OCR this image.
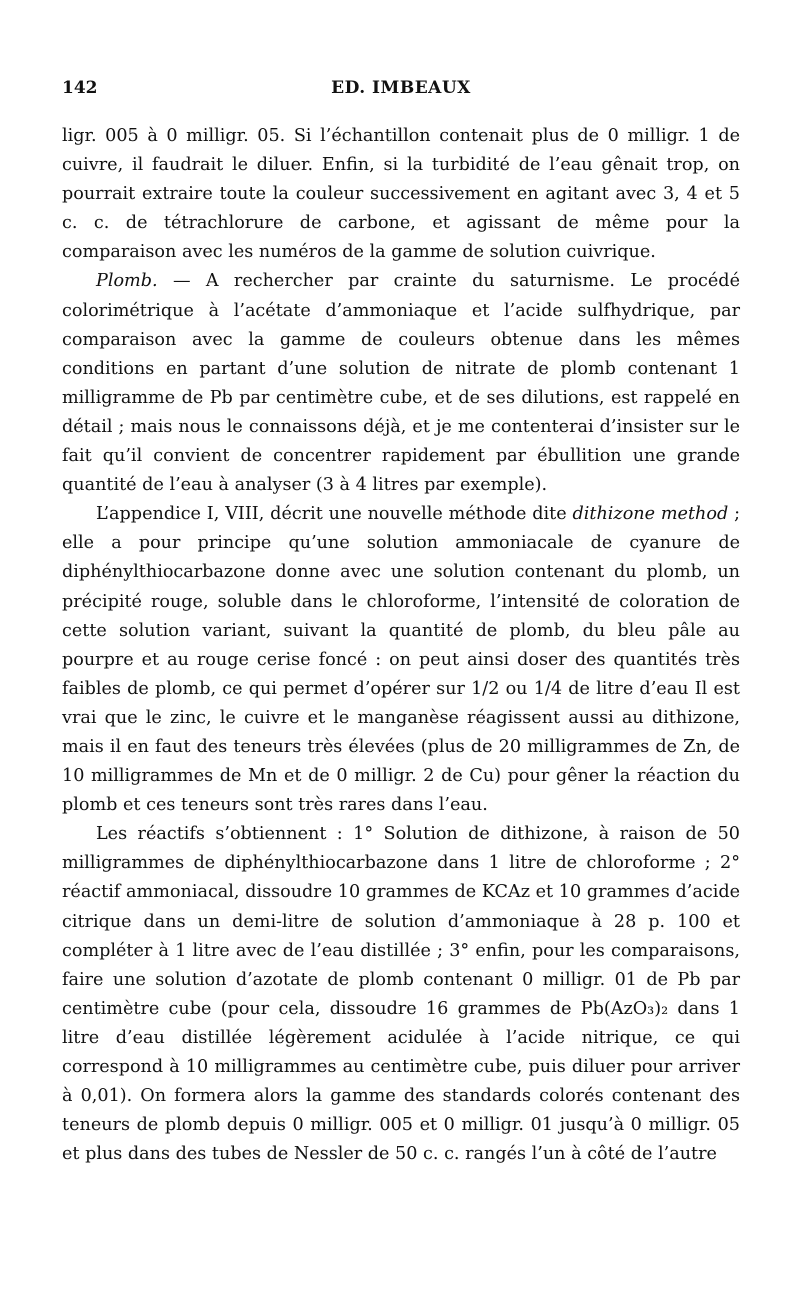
142	ED. IMBEAUX

ligr. 005 à 0 milligr. 05. Si l’échantillon contenait plus de 0 milligr. 1 de cuivre, il faudrait le diluer. Enfin, si la turbidité de l’eau gênait trop, on pourrait extraire toute la couleur successivement en agitant avec 3, 4 et 5 c. c. de tétrachlorure de carbone, et agissant de même pour la comparaison avec les numéros de la gamme de solution cuivrique.

Plomb. — A rechercher par crainte du saturnisme. Le procédé colorimétrique à l’acétate d’ammoniaque et l’acide sulfhydrique, par comparaison avec la gamme de couleurs obtenue dans les mêmes conditions en partant d’une solution de nitrate de plomb contenant 1 milligramme de Pb par centimètre cube, et de ses dilutions, est rappelé en détail ; mais nous le connaissons déjà, et je me contenterai d’insister sur le fait qu’il convient de concentrer rapidement par ébullition une grande quantité de l’eau à analyser (3 à 4 litres par exemple).

L’appendice I, VIII, décrit une nouvelle méthode dite dithizone method ; elle a pour principe qu’une solution ammoniacale de cyanure de diphénylthiocarbazone donne avec une solution contenant du plomb, un précipité rouge, soluble dans le chloroforme, l’intensité de coloration de cette solution variant, suivant la quantité de plomb, du bleu pâle au pourpre et au rouge cerise foncé : on peut ainsi doser des quantités très faibles de plomb, ce qui permet d’opérer sur 1/2 ou 1/4 de litre d’eau Il est vrai que le zinc, le cuivre et le manganèse réagissent aussi au dithizone, mais il en faut des teneurs très élevées (plus de 20 milligrammes de Zn, de 10 milligrammes de Mn et de 0 milligr. 2 de Cu) pour gêner la réaction du plomb et ces teneurs sont très rares dans l’eau.

Les réactifs s’obtiennent : 1° Solution de dithizone, à raison de 50 milligrammes de diphénylthiocarbazone dans 1 litre de chloroforme ; 2° réactif ammoniacal, dissoudre 10 grammes de KCAz et 10 grammes d’acide citrique dans un demi-litre de solution d’ammoniaque à 28 p. 100 et compléter à 1 litre avec de l’eau distillée ; 3° enfin, pour les comparaisons, faire une solution d’azotate de plomb contenant 0 milligr. 01 de Pb par centimètre cube (pour cela, dissoudre 16 grammes de Pb(AzO₃)₂ dans 1 litre d’eau distillée légèrement acidulée à l’acide nitrique, ce qui correspond à 10 milligrammes au centimètre cube, puis diluer pour arriver à 0,01). On formera alors la gamme des standards colorés contenant des teneurs de plomb depuis 0 milligr. 005 et 0 milligr. 01 jusqu’à 0 milligr. 05 et plus dans des tubes de Nessler de 50 c. c. rangés l’un à côté de l’autre
